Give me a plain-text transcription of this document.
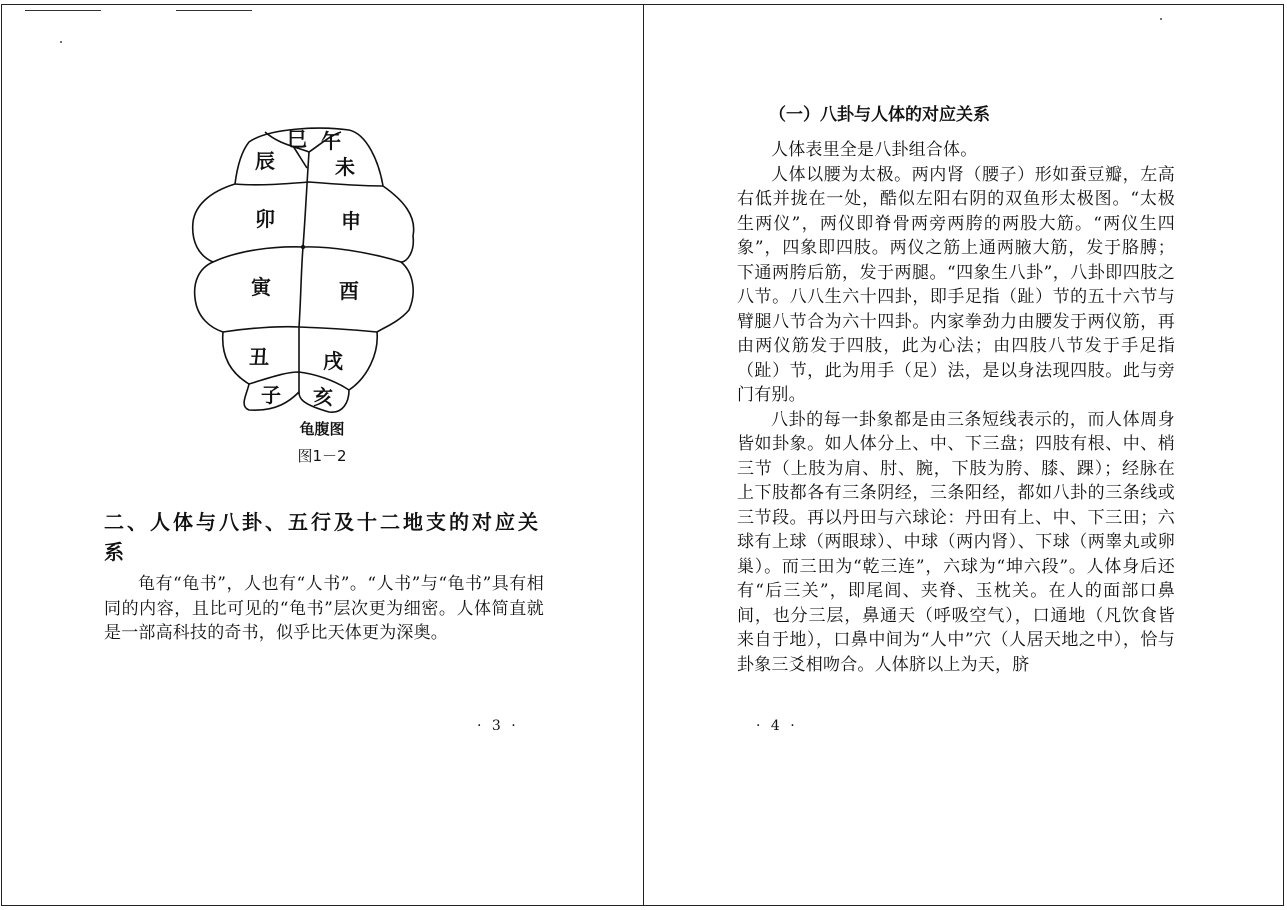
巳 午
辰	未
卯	申
寅	酉
丑	戌
子 亥
龟腹图
图1－2
二、人体与八卦、五行及十二地支的对应关系

龟有“龟书”，人也有“人书”。“人书”与“龟书”具有相同的内容，且比可见的“龟书”层次更为细密。人体简直就是一部高科技的奇书，似乎比天体更为深奥。

· 3 ·
（一）八卦与人体的对应关系

人体表里全是八卦组合体。

人体以腰为太极。两内肾（腰子）形如蚕豆瓣，左高右低并拢在一处，酷似左阳右阴的双鱼形太极图。“太极生两仪”，两仪即脊骨两旁两胯的两股大筋。“两仪生四象”，四象即四肢。两仪之筋上通两腋大筋，发于胳膊；下通两胯后筋，发于两腿。“四象生八卦”，八卦即四肢之八节。八八生六十四卦，即手足指（趾）节的五十六节与臂腿八节合为六十四卦。内家拳劲力由腰发于两仪筋，再由两仪筋发于四肢，此为心法；由四肢八节发于手足指（趾）节，此为用手（足）法，是以身法现四肢。此与旁门有别。

八卦的每一卦象都是由三条短线表示的，而人体周身皆如卦象。如人体分上、中、下三盘；四肢有根、中、梢三节（上肢为肩、肘、腕，下肢为胯、膝、踝）；经脉在上下肢都各有三条阴经，三条阳经，都如八卦的三条线或三节段。再以丹田与六球论：丹田有上、中、下三田；六球有上球（两眼球）、中球（两内肾）、下球（两睾丸或卵巢）。而三田为“乾三连”，六球为“坤六段”。人体身后还有“后三关”，即尾闾、夹脊、玉枕关。在人的面部口鼻间，也分三层，鼻通天（呼吸空气），口通地（凡饮食皆来自于地），口鼻中间为“人中”穴（人居天地之中），恰与卦象三爻相吻合。人体脐以上为天，脐

· 4 ·
